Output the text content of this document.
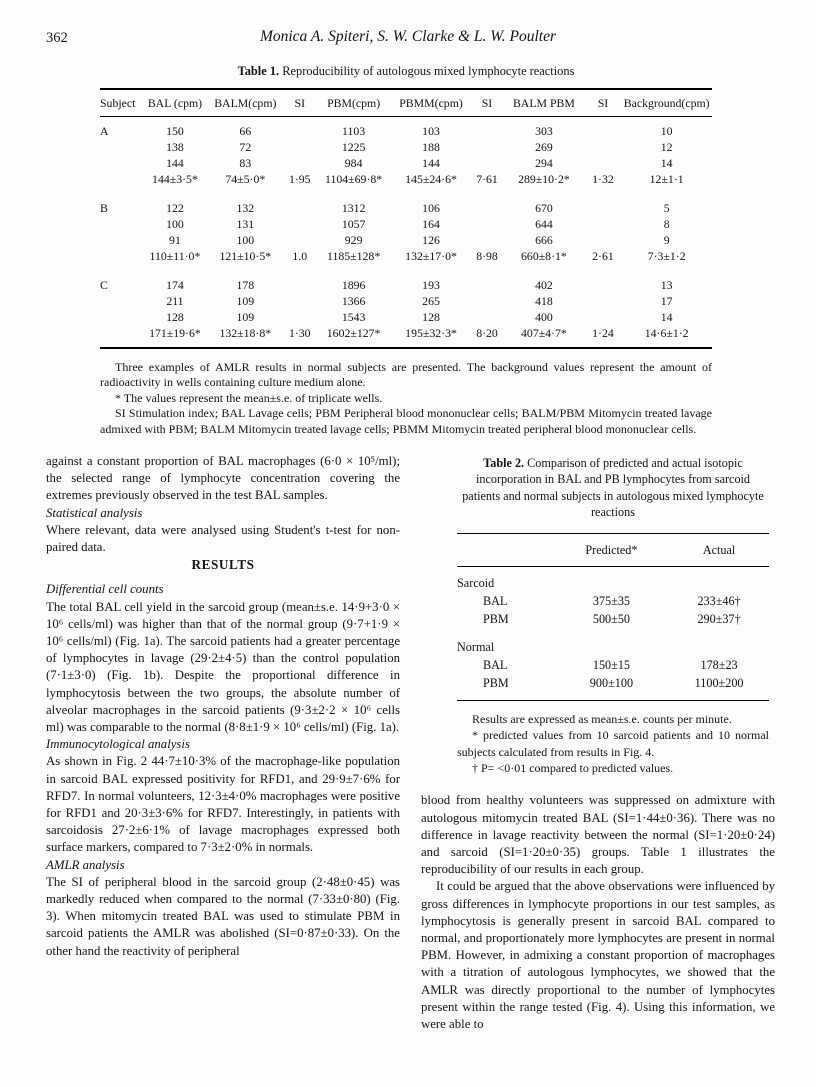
362	Monica A. Spiteri, S. W. Clarke & L. W. Poulter
Table 1. Reproducibility of autologous mixed lymphocyte reactions
Subject	BAL (cpm)	BALM(cpm)	SI	PBM(cpm)	PBMM(cpm)	SI	BALM PBM	SI	Background(cpm)
A	150	66		1103	103		303		10
	138	72		1225	188		269		12
	144	83		984	144		294		14
	144±3·5*	74±5·0*	1·95	1104±69·8*	145±24·6*	7·61	289±10·2*	1·32	12±1·1
B	122	132		1312	106		670		5
	100	131		1057	164		644		8
	91	100		929	126		666		9
	110±11·0*	121±10·5*	1.0	1185±128*	132±17·0*	8·98	660±8·1*	2·61	7·3±1·2
C	174	178		1896	193		402		13
	211	109		1366	265		418		17
	128	109		1543	128		400		14
	171±19·6*	132±18·8*	1·30	1602±127*	195±32·3*	8·20	407±4·7*	1·24	14·6±1·2

Three examples of AMLR results in normal subjects are presented. The background values represent the amount of radioactivity in wells containing culture medium alone.

* The values represent the mean±s.e. of triplicate wells.

SI Stimulation index; BAL Lavage cells; PBM Peripheral blood mononuclear cells; BALM/PBM Mitomycin treated lavage admixed with PBM; BALM Mitomycin treated lavage cells; PBMM Mitomycin treated peripheral blood mononuclear cells.

against a constant proportion of BAL macrophages (6·0 × 10⁵/ml); the selected range of lymphocyte concentration covering the extremes previously observed in the test BAL samples.

Statistical analysis

Where relevant, data were analysed using Student's t-test for non-paired data.

RESULTS

Differential cell counts

The total BAL cell yield in the sarcoid group (mean±s.e. 14·9+3·0 × 10⁶ cells/ml) was higher than that of the normal group (9·7+1·9 × 10⁶ cells/ml) (Fig. 1a). The sarcoid patients had a greater percentage of lymphocytes in lavage (29·2±4·5) than the control population (7·1±3·0) (Fig. 1b). Despite the proportional difference in lymphocytosis between the two groups, the absolute number of alveolar macrophages in the sarcoid patients (9·3±2·2 × 10⁶ cells ml) was comparable to the normal (8·8±1·9 × 10⁶ cells/ml) (Fig. 1a).

Immunocytological analysis

As shown in Fig. 2 44·7±10·3% of the macrophage-like population in sarcoid BAL expressed positivity for RFD1, and 29·9±7·6% for RFD7. In normal volunteers, 12·3±4·0% macrophages were positive for RFD1 and 20·3±3·6% for RFD7. Interestingly, in patients with sarcoidosis 27·2±6·1% of lavage macrophages expressed both surface markers, compared to 7·3±2·0% in normals.

AMLR analysis

The SI of peripheral blood in the sarcoid group (2·48±0·45) was markedly reduced when compared to the normal (7·33±0·80) (Fig. 3). When mitomycin treated BAL was used to stimulate PBM in sarcoid patients the AMLR was abolished (SI=0·87±0·33). On the other hand the reactivity of peripheral

Table 2. Comparison of predicted and actual isotopic incorporation in BAL and PB lymphocytes from sarcoid patients and normal subjects in autologous mixed lymphocyte reactions
	Predicted*	Actual
Sarcoid		
BAL	375±35	233±46†
PBM	500±50	290±37†
Normal		
BAL	150±15	178±23
PBM	900±100	1100±200

Results are expressed as mean±s.e. counts per minute.

* predicted values from 10 sarcoid patients and 10 normal subjects calculated from results in Fig. 4.

† P= <0·01 compared to predicted values.

blood from healthy volunteers was suppressed on admixture with autologous mitomycin treated BAL (SI=1·44±0·36). There was no difference in lavage reactivity between the normal (SI=1·20±0·24) and sarcoid (SI=1·20±0·35) groups. Table 1 illustrates the reproducibility of our results in each group.

It could be argued that the above observations were influenced by gross differences in lymphocyte proportions in our test samples, as lymphocytosis is generally present in sarcoid BAL compared to normal, and proportionately more lymphocytes are present in normal PBM. However, in admixing a constant proportion of macrophages with a titration of autologous lymphocytes, we showed that the AMLR was directly proportional to the number of lymphocytes present within the range tested (Fig. 4). Using this information, we were able to
